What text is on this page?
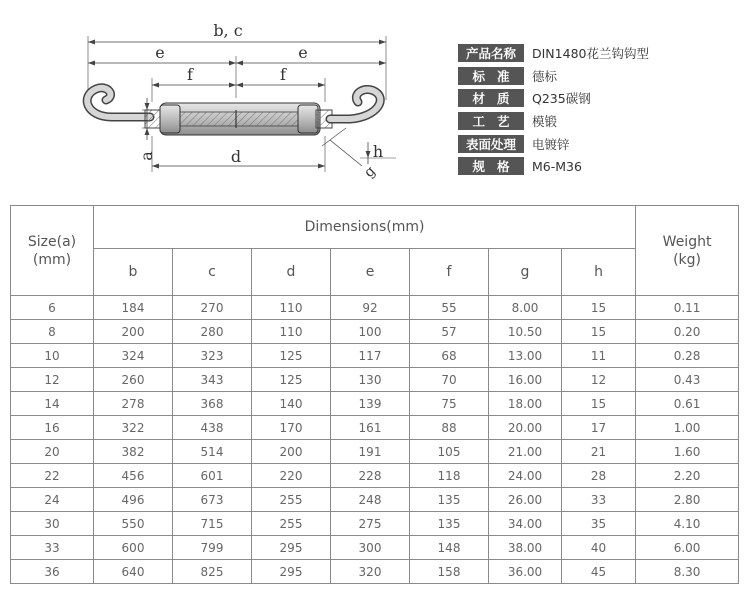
b, c
e	e
f	f
d
a	h
g
产品名称	DIN1480花兰钩钩型
标准 德标
材质 Q235碳钢
工艺 模锻
表面处理	电镀锌
规格 M6-M36
Size(a)
(mm)	Dimensions(mm)							Weight
(kg)
	b	c	d	e	f	g	h	
6	184	270	110	92	55	8.00	15	0.11
8	200	280	110	100	57	10.50	15	0.20
10	324	323	125	117	68	13.00	11	0.28
12	260	343	125	130	70	16.00	12	0.43
14	278	368	140	139	75	18.00	15	0.61
16	322	438	170	161	88	20.00	17	1.00
20	382	514	200	191	105	21.00	21	1.60
22	456	601	220	228	118	24.00	28	2.20
24	496	673	255	248	135	26.00	33	2.80
30	550	715	255	275	135	34.00	35	4.10
33	600	799	295	300	148	38.00	40	6.00
36	640	825	295	320	158	36.00	45	8.30
